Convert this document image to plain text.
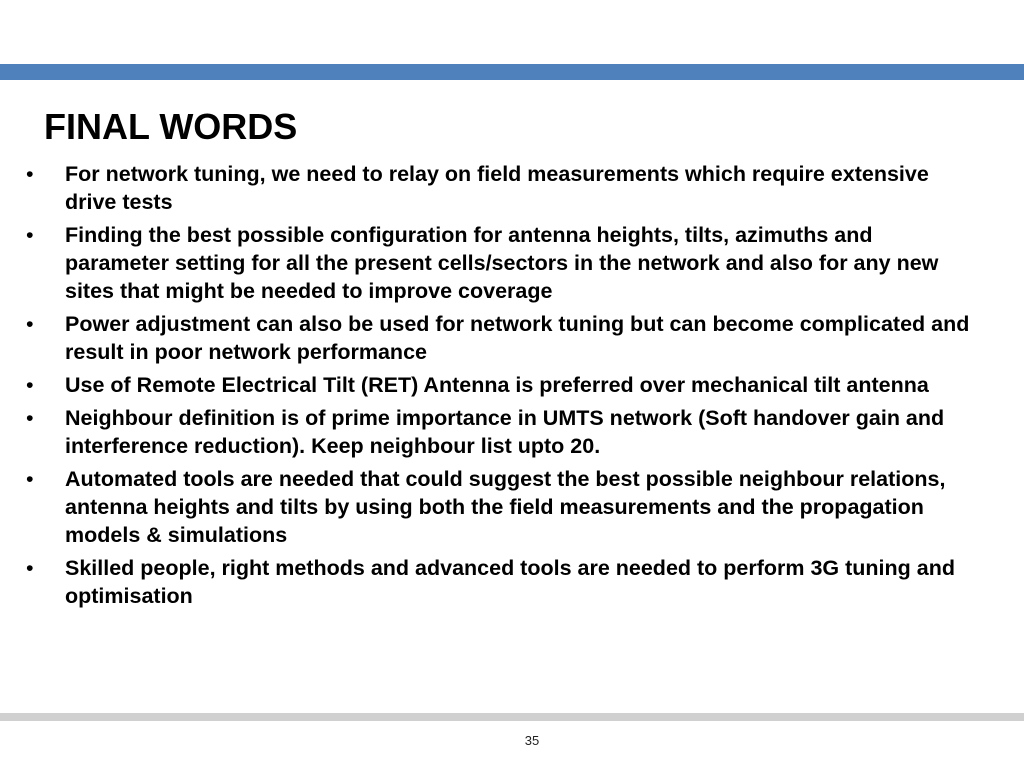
FINAL WORDS
• For network tuning, we need to relay on field measurements which require extensive drive tests
• Finding the best possible configuration for antenna heights, tilts, azimuths and parameter setting for all the present cells/sectors in the network and also for any new sites that might be needed to improve coverage
• Power adjustment can also be used for network tuning but can become complicated and result in poor network performance
• Use of Remote Electrical Tilt (RET) Antenna is preferred over mechanical tilt antenna
• Neighbour definition is of prime importance in UMTS network (Soft handover gain and interference reduction). Keep neighbour list upto 20.
• Automated tools are needed that could suggest the best possible neighbour relations, antenna heights and tilts by using both the field measurements and the propagation models & simulations
• Skilled people, right methods and advanced tools are needed to perform 3G tuning and optimisation
35
